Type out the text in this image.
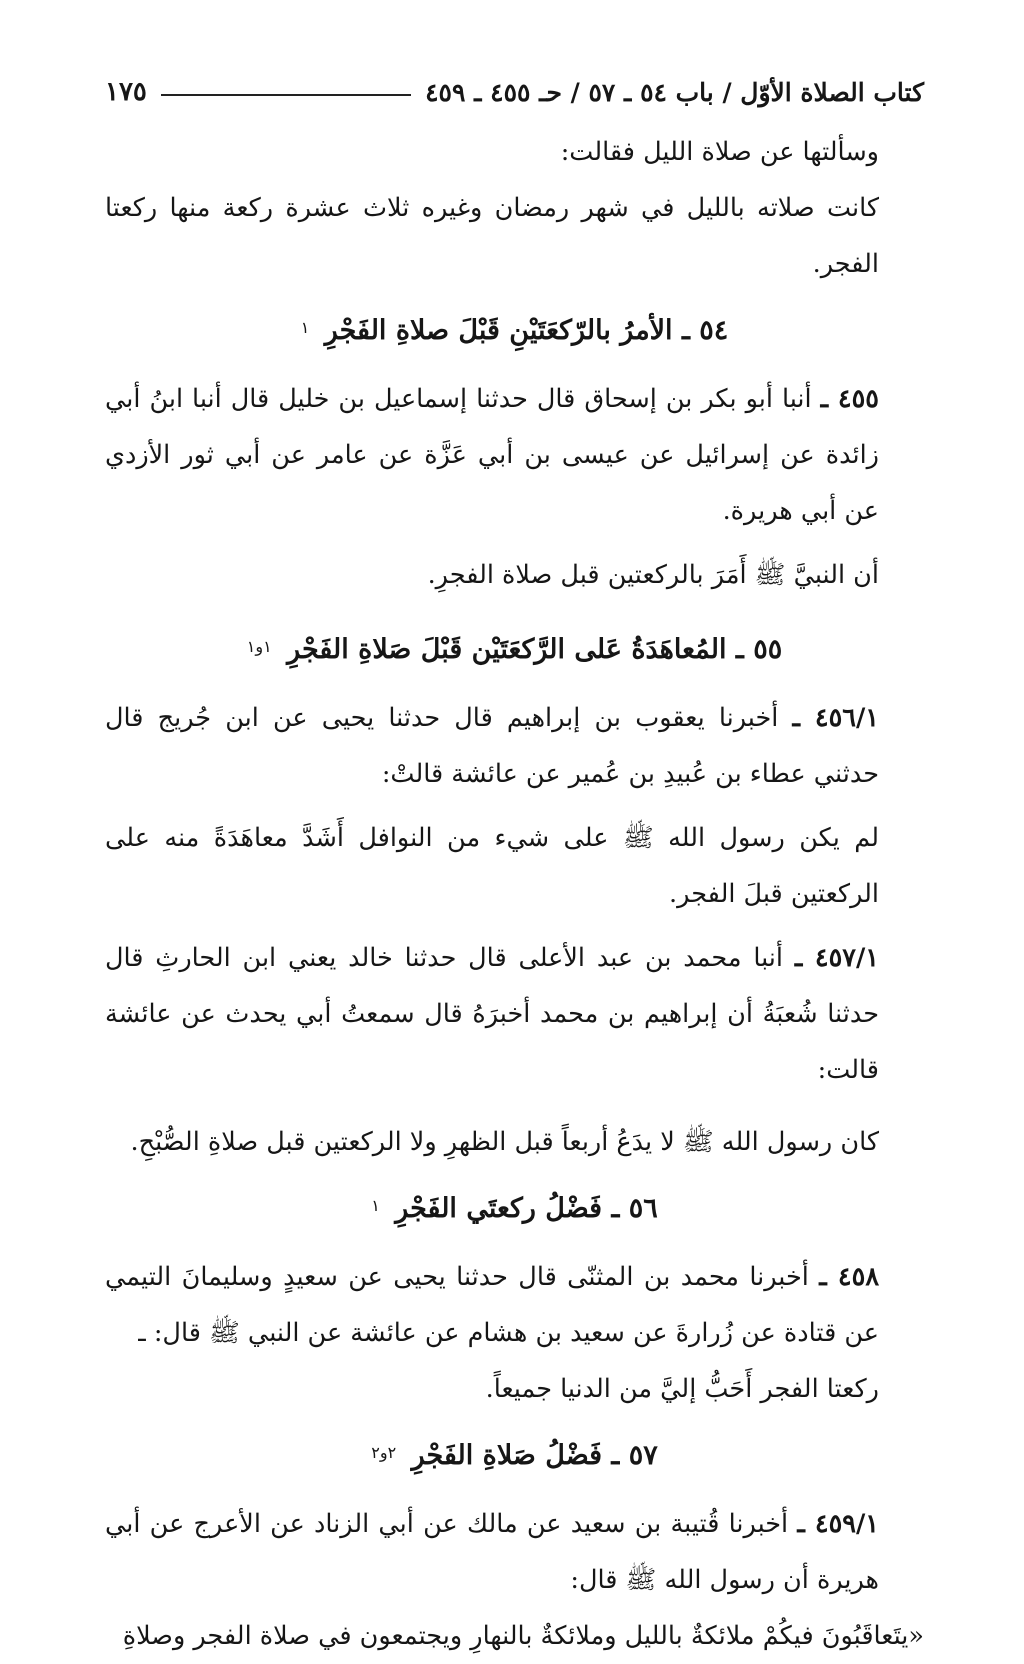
كتاب الصلاة الأوّل / باب ٥٤ ـ ٥٧ / حـ ٤٥٥ ـ ٤٥٩
١٧٥

وسألتها عن صلاة الليل فقالت:

كانت صلاته بالليل في شهر رمضان وغيره ثلاث عشرة ركعة منها ركعتا الفجر.

٥٤ ـ الأمرُ بالرّكعَتَيْنِ قَبْلَ صلاةِ الفَجْرِ $^١$

٤٥٥ ـ أنبا أبو بكر بن إسحاق قال حدثنا إسماعيل بن خليل قال أنبا ابنُ أبي زائدة عن إسرائيل عن عيسى بن أبي عَزَّة عن عامر عن أبي ثور الأزدي عن أبي هريرة.

أن النبيَّ ﷺ أَمَرَ بالركعتين قبل صلاة الفجرِ.

٥٥ ـ المُعاهَدَةُ عَلى الرَّكعَتَيْن قَبْلَ صَلاةِ الفَجْرِ $^{١و١}$

٤٥٦/١ ـ أخبرنا يعقوب بن إبراهيم قال حدثنا يحيى عن ابن جُريج قال حدثني عطاء بن عُبيدِ بن عُمير عن عائشة قالتْ:

لم يكن رسول الله ﷺ على شيء من النوافل أَشَدَّ معاهَدَةً منه على الركعتين قبلَ الفجر.

٤٥٧/١ ـ أنبا محمد بن عبد الأعلى قال حدثنا خالد يعني ابن الحارثِ قال حدثنا شُعبَةُ أن إبراهيم بن محمد أخبرَهُ قال سمعتُ أبي يحدث عن عائشة قالت:

كان رسول الله ﷺ لا يدَعُ أربعاً قبل الظهرِ ولا الركعتين قبل صلاةِ الصُّبْحِ.

٥٦ ـ فَضْلُ ركعتَي الفَجْرِ $^١$

٤٥٨ ـ أخبرنا محمد بن المثنّى قال حدثنا يحيى عن سعيدٍ وسليمانَ التيمي عن قتادة عن زُرارةَ عن سعيد بن هشام عن عائشة عن النبي ﷺ قال: ـ

ركعتا الفجر أَحَبُّ إليَّ من الدنيا جميعاً.

٥٧ ـ فَضْلُ صَلاةِ الفَجْرِ $^{٢و٢}$

٤٥٩/١ ـ أخبرنا قُتيبة بن سعيد عن مالك عن أبي الزناد عن الأعرج عن أبي هريرة أن رسول الله ﷺ قال:

«يتَعاقَبُونَ فيكُمْ ملائكةٌ بالليل وملائكةٌ بالنهارِ ويجتمعون في صلاة الفجر وصلاةِ
